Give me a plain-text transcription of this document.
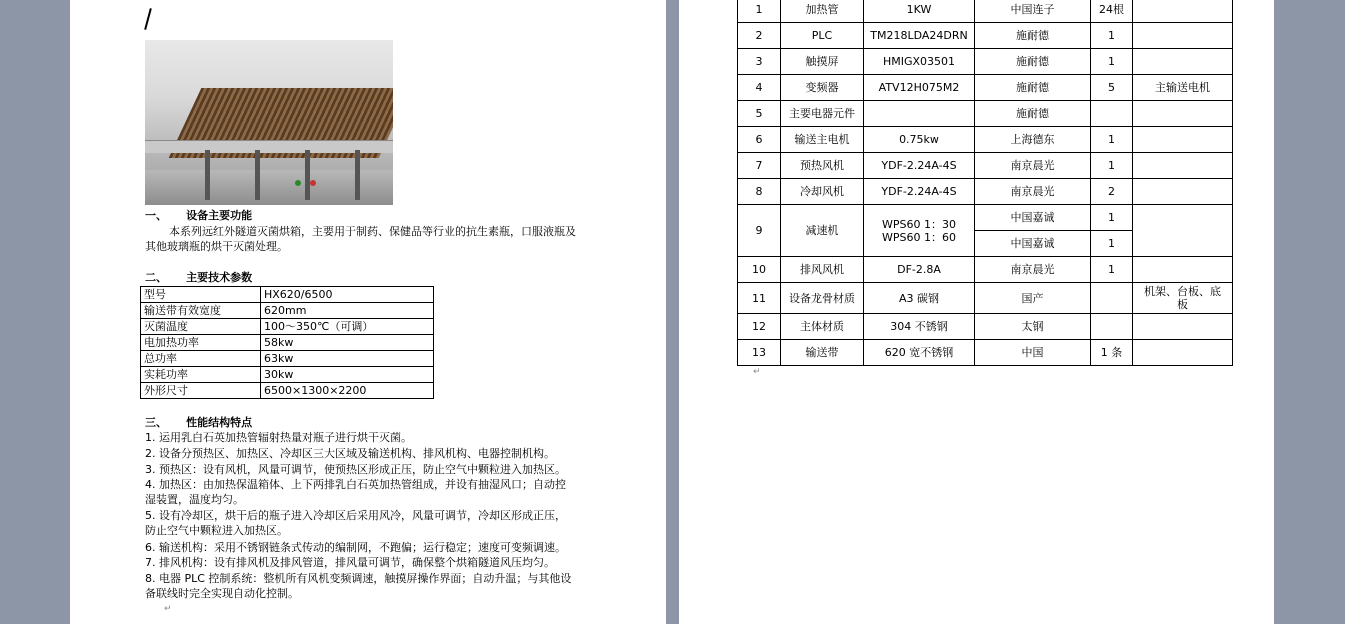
一、 设备主要功能
本系列远红外隧道灭菌烘箱，主要用于制药、保健品等行业的抗生素瓶，口服液瓶及
其他玻璃瓶的烘干灭菌处理。
二、 主要技术参数
型号	HX620/6500
输送带有效宽度	620mm
灭菌温度	100～350℃（可调）
电加热功率	58kw
总功率	63kw
实耗功率	30kw
外形尺寸	6500×1300×2200
三、 性能结构特点
1. 运用乳白石英加热管辐射热量对瓶子进行烘干灭菌。
2. 设备分预热区、加热区、冷却区三大区域及输送机构、排风机构、电器控制机构。
3. 预热区：设有风机，风量可调节，使预热区形成正压，防止空气中颗粒进入加热区。
4. 加热区：由加热保温箱体、上下两排乳白石英加热管组成，并设有抽湿风口；自动控
湿装置，温度均匀。
5. 设有冷却区，烘干后的瓶子进入冷却区后采用风冷，风量可调节，冷却区形成正压，
防止空气中颗粒进入加热区。
6. 输送机构：采用不锈钢链条式传动的编制网，不跑偏；运行稳定；速度可变频调速。
7. 排风机构：设有排风机及排风管道，排风量可调节，确保整个烘箱隧道风压均匀。
8. 电器 PLC 控制系统：整机所有风机变频调速，触摸屏操作界面；自动升温；与其他设
备联线时完全实现自动化控制。
↵
1	加热管	1KW	中国连子	24根	
2	PLC	TM218LDA24DRN	施耐德	1	
3	触摸屏	HMIGX03501	施耐德	1	
4	变频器	ATV12H075M2	施耐德	5	主输送电机
5	主要电器元件		施耐德		
6	输送主电机	0.75kw	上海德东	1	
7	预热风机	YDF-2.24A-4S	南京晨光	1	
8	冷却风机	YDF-2.24A-4S	南京晨光	2	
9	减速机	WPS60 1：30
WPS60 1：60	中国嘉诚	1	
			中国嘉诚	1	
10	排风风机	DF-2.8A	南京晨光	1	
11	设备龙骨材质	A3 碳钢	国产		机架、台板、底
板

12	主体材质	304 不锈钢	太钢		
13	输送带	620 宽不锈钢	中国	1 条	
↵
